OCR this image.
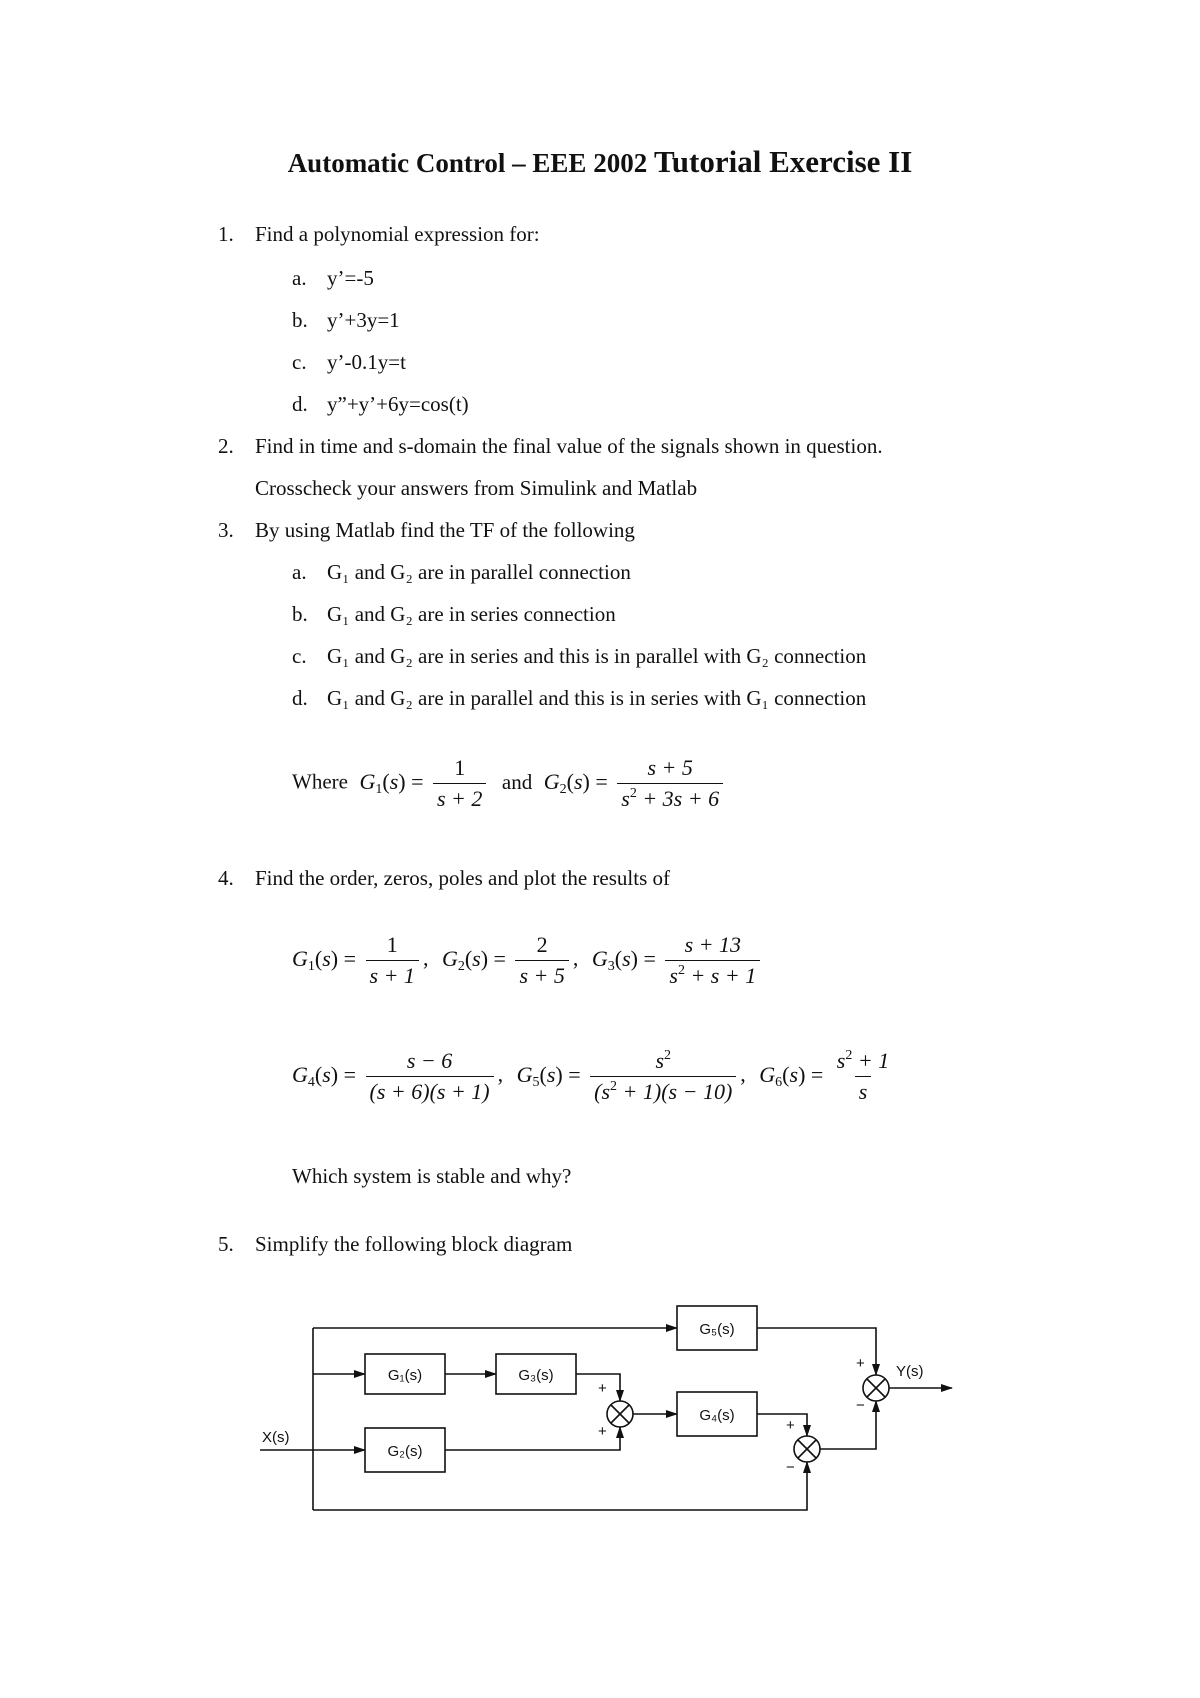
Automatic Control – EEE 2002 Tutorial Exercise II
1. Find a polynomial expression for:
a. y’=-5
b. y’+3y=1
c. y’-0.1y=t
d. y”+y’+6y=cos(t)
2. Find in time and s-domain the final value of the signals shown in question.
Crosscheck your answers from Simulink and Matlab
3. By using Matlab find the TF of the following
a. G₁ and G₂ are in parallel connection
b. G₁ and G₂ are in series connection
c. G₁ and G₂ are in series and this is in parallel with G₂ connection
d. G₁ and G₂ are in parallel and this is in series with G₁ connection
Where $G_1(s) = \frac{1}{s + 2}$ and $G_2(s) = \frac{s + 5}{s^2 + 3s + 6}$
4. Find the order, zeros, poles and plot the results of
$G_1(s) = \frac{1}{s + 1}$ , $G_2(s) = \frac{2}{s + 5}$ , $G_3(s) = \frac{s + 13}{s^2 + s + 1}$
$G_4(s) = \frac{s - 6}{(s + 6)(s + 1)}$ , $G_5(s) = \frac{s^2}{(s^2 + 1)(s - 10)}$ , $G_6(s) = \frac{s^2 + 1}{s}$
Which system is stable and why?
5. Simplify the following block diagram
X(s)
Y(s)
G₁(s)	G₃(s)
G₂(s)
G₅(s)
G₄(s)
+
+	+
−
+
−
